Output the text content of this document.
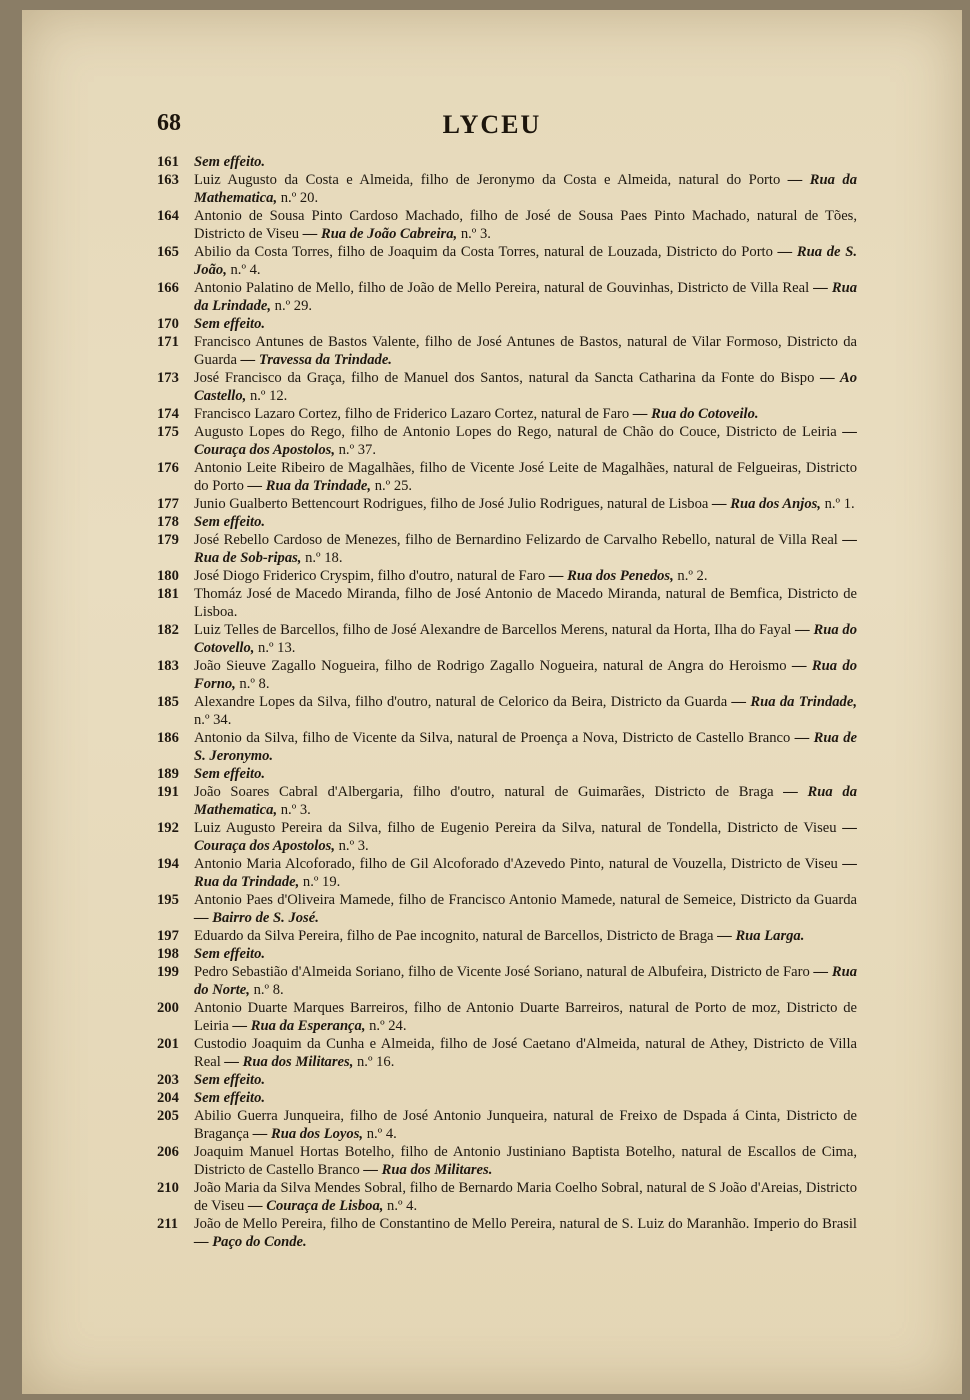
68	LYCEU
161	Sem effeito.
163	Luiz Augusto da Costa e Almeida, filho de Jeronymo da Costa e Almeida, natural do Porto — Rua da Mathematica, n.º 20.
164	Antonio de Sousa Pinto Cardoso Machado, filho de José de Sousa Paes Pinto Machado, natural de Tões, Districto de Viseu — Rua de João Cabreira, n.º 3.
165	Abilio da Costa Torres, filho de Joaquim da Costa Torres, natural de Louzada, Districto do Porto — Rua de S. João, n.º 4.
166	Antonio Palatino de Mello, filho de João de Mello Pereira, natural de Gouvinhas, Districto de Villa Real — Rua da Lrindade, n.º 29.
170	Sem effeito.
171	Francisco Antunes de Bastos Valente, filho de José Antunes de Bastos, natural de Vilar Formoso, Districto da Guarda — Travessa da Trindade.
173	José Francisco da Graça, filho de Manuel dos Santos, natural da Sancta Catharina da Fonte do Bispo — Ao Castello, n.º 12.
174	Francisco Lazaro Cortez, filho de Friderico Lazaro Cortez, natural de Faro — Rua do Cotoveilo.
175	Augusto Lopes do Rego, filho de Antonio Lopes do Rego, natural de Chão do Couce, Districto de Leiria — Couraça dos Apostolos, n.º 37.
176	Antonio Leite Ribeiro de Magalhães, filho de Vicente José Leite de Magalhães, natural de Felgueiras, Districto do Porto — Rua da Trindade, n.º 25.
177	Junio Gualberto Bettencourt Rodrigues, filho de José Julio Rodrigues, natural de Lisboa — Rua dos Anjos, n.º 1.
178	Sem effeito.
179	José Rebello Cardoso de Menezes, filho de Bernardino Felizardo de Carvalho Rebello, natural de Villa Real — Rua de Sob-ripas, n.º 18.
180	José Diogo Friderico Cryspim, filho d'outro, natural de Faro — Rua dos Penedos, n.º 2.
181	Thomáz José de Macedo Miranda, filho de José Antonio de Macedo Miranda, natural de Bemfica, Districto de Lisboa.
182	Luiz Telles de Barcellos, filho de José Alexandre de Barcellos Merens, natural da Horta, Ilha do Fayal — Rua do Cotovello, n.º 13.
183	João Sieuve Zagallo Nogueira, filho de Rodrigo Zagallo Nogueira, natural de Angra do Heroismo — Rua do Forno, n.º 8.
185	Alexandre Lopes da Silva, filho d'outro, natural de Celorico da Beira, Districto da Guarda — Rua da Trindade, n.º 34.
186	Antonio da Silva, filho de Vicente da Silva, natural de Proença a Nova, Districto de Castello Branco — Rua de S. Jeronymo.
189	Sem effeito.
191	João Soares Cabral d'Albergaria, filho d'outro, natural de Guimarães, Districto de Braga — Rua da Mathematica, n.º 3.
192	Luiz Augusto Pereira da Silva, filho de Eugenio Pereira da Silva, natural de Tondella, Districto de Viseu — Couraça dos Apostolos, n.º 3.
194	Antonio Maria Alcoforado, filho de Gil Alcoforado d'Azevedo Pinto, natural de Vouzella, Districto de Viseu — Rua da Trindade, n.º 19.
195	Antonio Paes d'Oliveira Mamede, filho de Francisco Antonio Mamede, natural de Semeice, Districto da Guarda — Bairro de S. José.
197	Eduardo da Silva Pereira, filho de Pae incognito, natural de Barcellos, Districto de Braga — Rua Larga.
198	Sem effeito.
199	Pedro Sebastião d'Almeida Soriano, filho de Vicente José Soriano, natural de Albufeira, Districto de Faro — Rua do Norte, n.º 8.
200	Antonio Duarte Marques Barreiros, filho de Antonio Duarte Barreiros, natural de Porto de moz, Districto de Leiria — Rua da Esperança, n.º 24.
201	Custodio Joaquim da Cunha e Almeida, filho de José Caetano d'Almeida, natural de Athey, Districto de Villa Real — Rua dos Militares, n.º 16.
203	Sem effeito.
204	Sem effeito.
205	Abilio Guerra Junqueira, filho de José Antonio Junqueira, natural de Freixo de Dspada á Cinta, Districto de Bragança — Rua dos Loyos, n.º 4.
206	Joaquim Manuel Hortas Botelho, filho de Antonio Justiniano Baptista Botelho, natural de Escallos de Cima, Districto de Castello Branco — Rua dos Militares.
210	João Maria da Silva Mendes Sobral, filho de Bernardo Maria Coelho Sobral, natural de S João d'Areias, Districto de Viseu — Couraça de Lisboa, n.º 4.
211	João de Mello Pereira, filho de Constantino de Mello Pereira, natural de S. Luiz do Maranhão. Imperio do Brasil — Paço do Conde.
